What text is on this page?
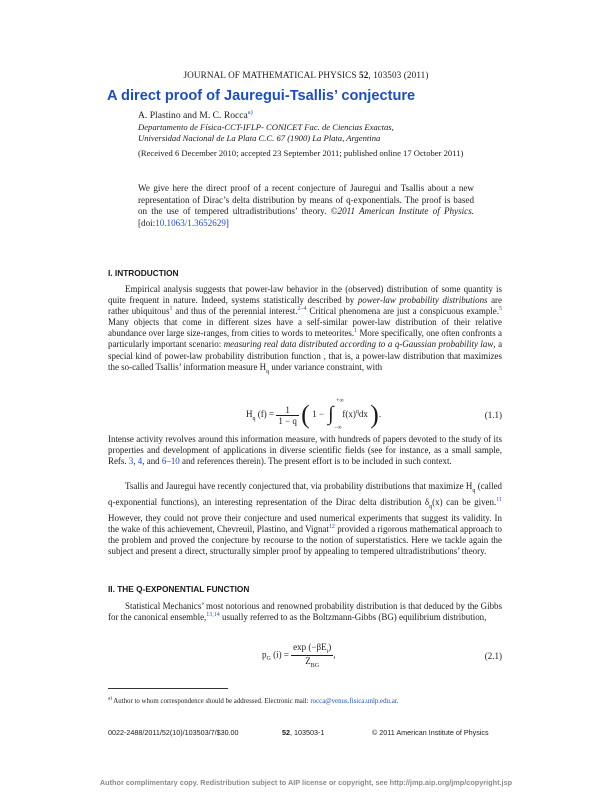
JOURNAL OF MATHEMATICAL PHYSICS 52, 103503 (2011)
A direct proof of Jauregui-Tsallis’ conjecture
A. Plastino and M. C. Rocca$^{a)}$
Departamento de Física-CCT-IFLP- CONICET Fac. de Ciencias Exactas,
Universidad Nacional de La Plata C.C. 67 (1900) La Plata, Argentina
(Received 6 December 2010; accepted 23 September 2011; published online 17 October 2011)
We give here the direct proof of a recent conjecture of Jauregui and Tsallis about a new representation of Dirac’s delta distribution by means of q-exponentials. The proof is based on the use of tempered ultradistributions’ theory. ©2011 American Institute of Physics. [doi:10.1063/1.3652629]
I. INTRODUCTION

Empirical analysis suggests that power-law behavior in the (observed) distribution of some quantity is quite frequent in nature. Indeed, systems statistically described by power-law probability distributions are rather ubiquitous$^1$ and thus of the perennial interest.$^{2-4}$ Critical phenomena are just a conspicuous example.$^5$ Many objects that come in different sizes have a self-similar power-law distribution of their relative abundance over large size-ranges, from cities to words to meteorites.$^1$ More specifically, one often confronts a particularly important scenario: measuring real data distributed according to a q-Gaussian probability law, a special kind of power-law probability distribution function , that is, a power-law distribution that maximizes the so-called Tsallis’ information measure $H_q$ under variance constraint, with

$H_q$ $(f) = \frac{1}{1 - q}$ ( 1 − ∫
+∞
−∞
$f(x)^qdx$ ).	(1.1)

Intense activity revolves around this information measure, with hundreds of papers devoted to the study of its properties and development of applications in diverse scientific fields (see for instance, as a small sample, Refs. 3, 4, and 6–10 and references therein). The present effort is to be included in such context.

Tsallis and Jauregui have recently conjectured that, via probability distributions that maximize $H_q$ (called q-exponential functions), an interesting representation of the Dirac delta distribution $\delta_q(x)$ can be given.$^{11}$ However, they could not prove their conjecture and used numerical experiments that suggest its validity. In the wake of this achievement, Chevreuil, Plastino, and Vignat$^{12}$ provided a rigorous mathematical approach to the problem and proved the conjecture by recourse to the notion of superstatistics. Here we tackle again the subject and present a direct, structurally simpler proof by appealing to tempered ultradistributions’ theory.

II. THE Q-EXPONENTIAL FUNCTION

Statistical Mechanics’ most notorious and renowned probability distribution is that deduced by the Gibbs for the canonical ensemble,$^{13,14}$ usually referred to as the Boltzmann-Gibbs (BG) equilibrium distribution,

$p_G$ $(i) = \frac{\exp (-\beta E_i)}{Z_{BG}}$ ,	(2.1)
$^{a)}$ Author to whom correspondence should be addressed. Electronic mail: rocca@venus.fisica.unlp.edu.ar.
0022-2488/2011/52(10)/103503/7/$30.00	52, 103503-1	© 2011 American Institute of Physics
Author complimentary copy. Redistribution subject to AIP license or copyright, see http://jmp.aip.org/jmp/copyright.jsp
